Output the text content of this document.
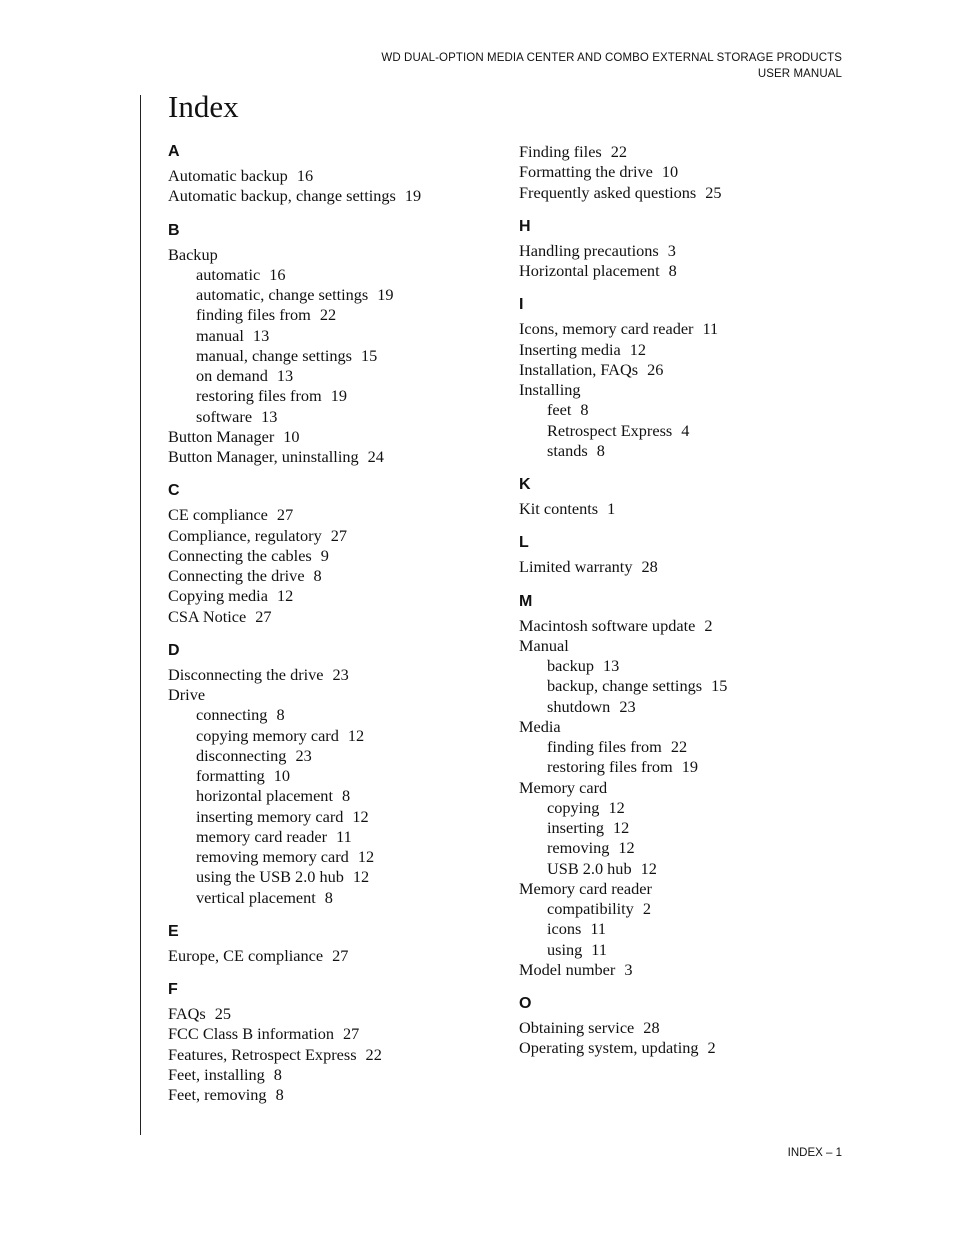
WD DUAL-OPTION MEDIA CENTER AND COMBO EXTERNAL STORAGE PRODUCTS
USER MANUAL
Index
A
Automatic backup 16
Automatic backup, change settings 19
B
Backup
automatic 16
automatic, change settings 19
finding files from 22
manual 13
manual, change settings 15
on demand 13
restoring files from 19
software 13
Button Manager 10
Button Manager, uninstalling 24
C
CE compliance 27
Compliance, regulatory 27
Connecting the cables 9
Connecting the drive 8
Copying media 12
CSA Notice 27
D
Disconnecting the drive 23
Drive
connecting 8
copying memory card 12
disconnecting 23
formatting 10
horizontal placement 8
inserting memory card 12
memory card reader 11
removing memory card 12
using the USB 2.0 hub 12
vertical placement 8
E
Europe, CE compliance 27
F
FAQs 25
FCC Class B information 27
Features, Retrospect Express 22
Feet, installing 8
Feet, removing 8
Finding files 22
Formatting the drive 10
Frequently asked questions 25
H
Handling precautions 3
Horizontal placement 8
I
Icons, memory card reader 11
Inserting media 12
Installation, FAQs 26
Installing
feet 8
Retrospect Express 4
stands 8
K
Kit contents 1
L
Limited warranty 28
M
Macintosh software update 2
Manual
backup 13
backup, change settings 15
shutdown 23
Media
finding files from 22
restoring files from 19
Memory card
copying 12
inserting 12
removing 12
USB 2.0 hub 12
Memory card reader
compatibility 2
icons 11
using 11
Model number 3
O
Obtaining service 28
Operating system, updating 2
INDEX – 1
